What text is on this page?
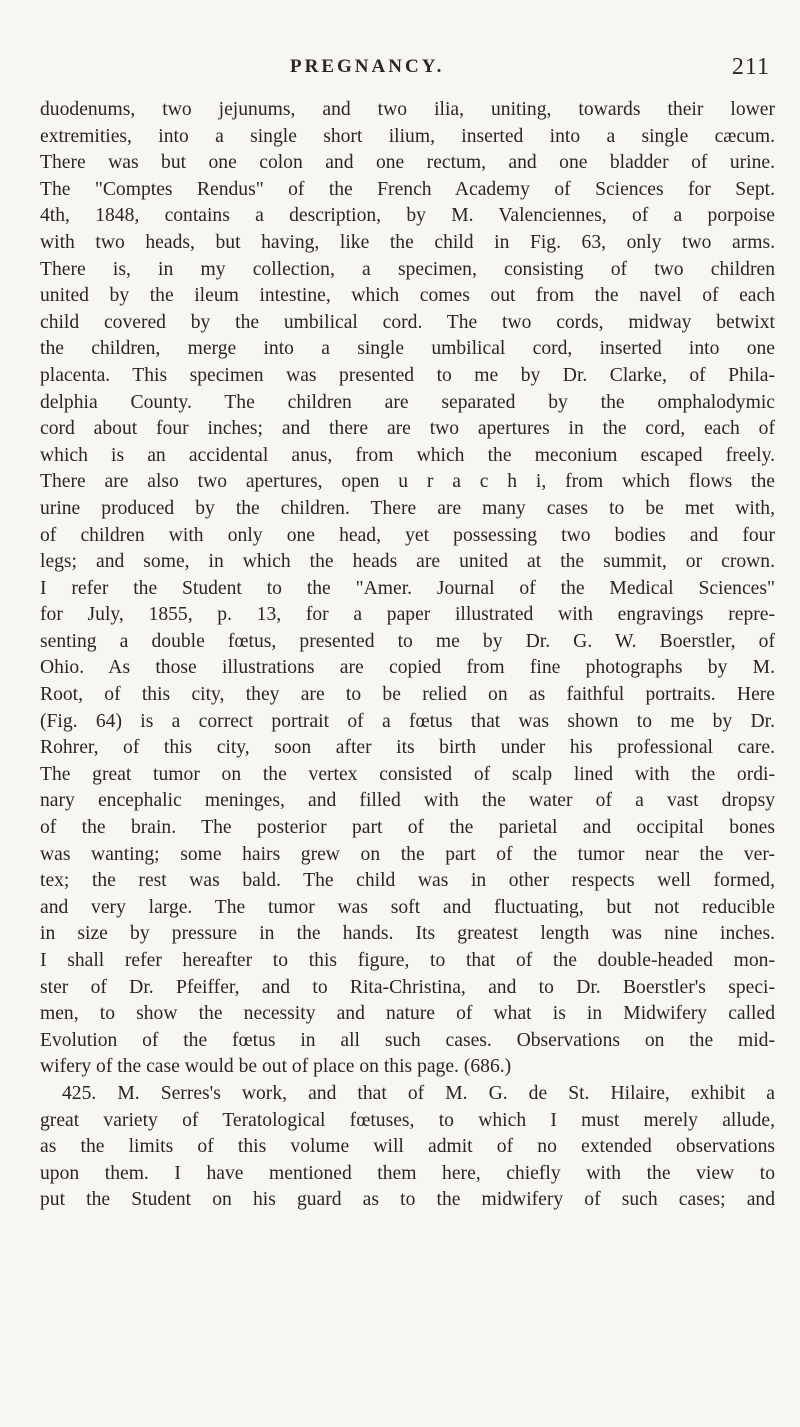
PREGNANCY.	211
duodenums, two jejunums, and two ilia, uniting, towards their lower
extremities, into a single short ilium, inserted into a single cæcum.
There was but one colon and one rectum, and one bladder of urine.
The "Comptes Rendus" of the French Academy of Sciences for Sept.
4th, 1848, contains a description, by M. Valenciennes, of a porpoise
with two heads, but having, like the child in Fig. 63, only two arms.
There is, in my collection, a specimen, consisting of two children
united by the ileum intestine, which comes out from the navel of each
child covered by the umbilical cord. The two cords, midway betwixt
the children, merge into a single umbilical cord, inserted into one
placenta. This specimen was presented to me by Dr. Clarke, of Phila-
delphia County. The children are separated by the omphalodymic
cord about four inches; and there are two apertures in the cord, each of
which is an accidental anus, from which the meconium escaped freely.
There are also two apertures, open u r a c h i, from which flows the
urine produced by the children. There are many cases to be met with,
of children with only one head, yet possessing two bodies and four
legs; and some, in which the heads are united at the summit, or crown.
I refer the Student to the "Amer. Journal of the Medical Sciences"
for July, 1855, p. 13, for a paper illustrated with engravings repre-
senting a double fœtus, presented to me by Dr. G. W. Boerstler, of
Ohio. As those illustrations are copied from fine photographs by M.
Root, of this city, they are to be relied on as faithful portraits. Here
(Fig. 64) is a correct portrait of a fœtus that was shown to me by Dr.
Rohrer, of this city, soon after its birth under his professional care.
The great tumor on the vertex consisted of scalp lined with the ordi-
nary encephalic meninges, and filled with the water of a vast dropsy
of the brain. The posterior part of the parietal and occipital bones
was wanting; some hairs grew on the part of the tumor near the ver-
tex; the rest was bald. The child was in other respects well formed,
and very large. The tumor was soft and fluctuating, but not reducible
in size by pressure in the hands. Its greatest length was nine inches.
I shall refer hereafter to this figure, to that of the double-headed mon-
ster of Dr. Pfeiffer, and to Rita-Christina, and to Dr. Boerstler's speci-
men, to show the necessity and nature of what is in Midwifery called
Evolution of the fœtus in all such cases. Observations on the mid-
wifery of the case would be out of place on this page. (686.)
425. M. Serres's work, and that of M. G. de St. Hilaire, exhibit a
great variety of Teratological fœtuses, to which I must merely allude,
as the limits of this volume will admit of no extended observations
upon them. I have mentioned them here, chiefly with the view to
put the Student on his guard as to the midwifery of such cases; and
